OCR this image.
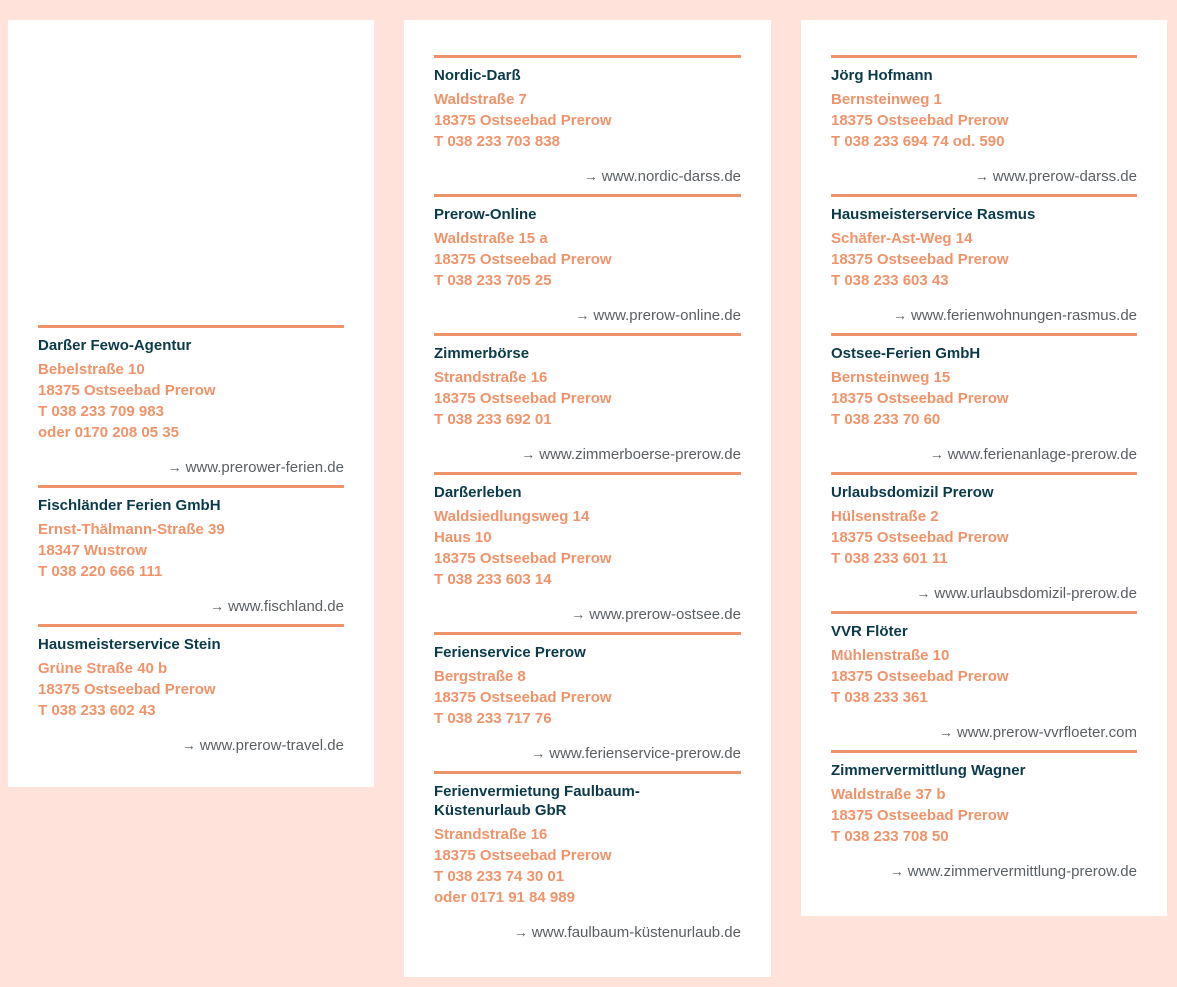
Darßer Fewo-Agentur
Bebelstraße 10
18375 Ostseebad Prerow
T 038 233 709 983
oder 0170 208 05 35
→ www.prerower-ferien.de
Fischländer Ferien GmbH
Ernst-Thälmann-Straße 39
18347 Wustrow
T 038 220 666 111
→ www.fischland.de
Hausmeisterservice Stein
Grüne Straße 40 b
18375 Ostseebad Prerow
T 038 233 602 43
→ www.prerow-travel.de
Nordic-Darß
Waldstraße 7
18375 Ostseebad Prerow
T 038 233 703 838
→ www.nordic-darss.de
Prerow-Online
Waldstraße 15 a
18375 Ostseebad Prerow
T 038 233 705 25
→ www.prerow-online.de
Zimmerbörse
Strandstraße 16
18375 Ostseebad Prerow
T 038 233 692 01
→ www.zimmerboerse-prerow.de
Darßerleben
Waldsiedlungsweg 14
Haus 10
18375 Ostseebad Prerow
T 038 233 603 14
→ www.prerow-ostsee.de
Ferienservice Prerow
Bergstraße 8
18375 Ostseebad Prerow
T 038 233 717 76
→ www.ferienservice-prerow.de
Ferienvermietung Faulbaum-
Küstenurlaub GbR
Strandstraße 16
18375 Ostseebad Prerow
T 038 233 74 30 01
oder 0171 91 84 989
→ www.faulbaum-küstenurlaub.de
Jörg Hofmann
Bernsteinweg 1
18375 Ostseebad Prerow
T 038 233 694 74 od. 590
→ www.prerow-darss.de
Hausmeisterservice Rasmus
Schäfer-Ast-Weg 14
18375 Ostseebad Prerow
T 038 233 603 43
→ www.ferienwohnungen-rasmus.de
Ostsee-Ferien GmbH
Bernsteinweg 15
18375 Ostseebad Prerow
T 038 233 70 60
→ www.ferienanlage-prerow.de
Urlaubsdomizil Prerow
Hülsenstraße 2
18375 Ostseebad Prerow
T 038 233 601 11
→ www.urlaubsdomizil-prerow.de
VVR Flöter
Mühlenstraße 10
18375 Ostseebad Prerow
T 038 233 361
→ www.prerow-vvrfloeter.com
Zimmervermittlung Wagner
Waldstraße 37 b
18375 Ostseebad Prerow
T 038 233 708 50
→ www.zimmervermittlung-prerow.de
